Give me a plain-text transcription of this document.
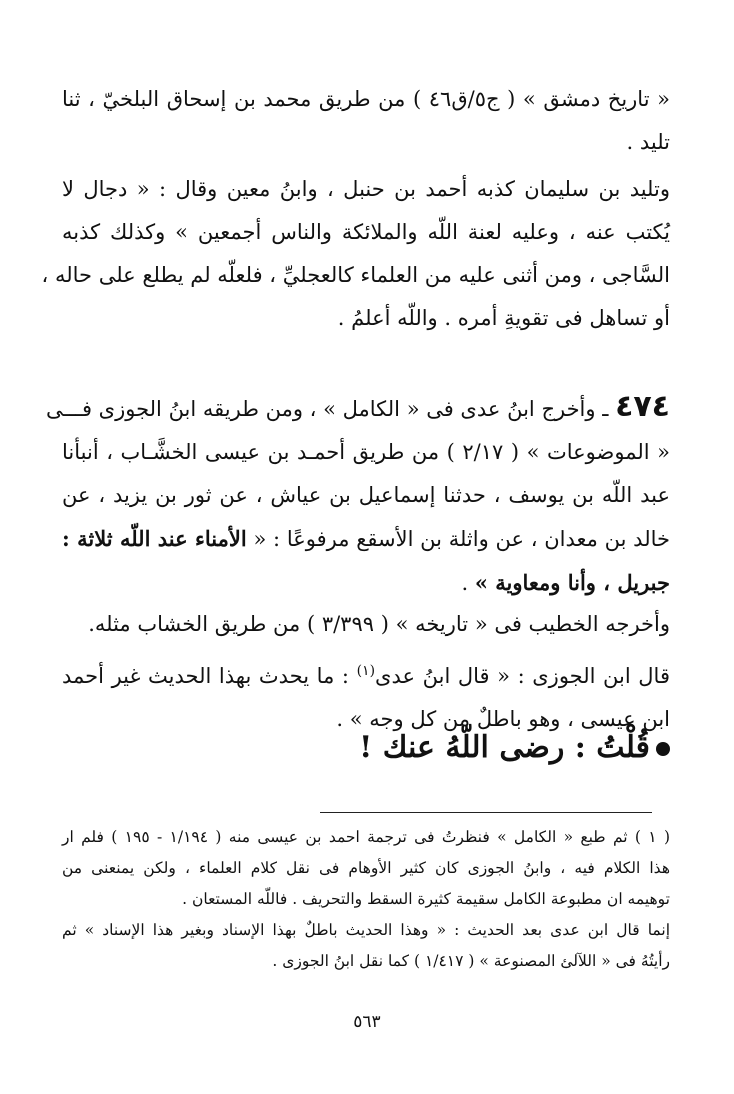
« تاريخ دمشق » ( ج٥/ق٤٦ ) من طريق محمد بن إسحاق البلخيّ ، ثنا
تليد .
وتليد بن سليمان كذبه أحمد بن حنبل ، وابنُ معين وقال : « دجال لا
يُكتب عنه ، وعليه لعنة اللّه والملائكة والناس أجمعين » وكذلك كذبه
السَّاجى ، ومن أثنى عليه من العلماء كالعجليِّ ، فلعلّه لم يطلع على حاله ،
أو تساهل فى تقويةِ أمره . واللّه أعلمُ .
٤٧٤ ـ وأخرج ابنُ عدى فى « الكامل » ، ومن طريقه ابنُ الجوزى فـــى
« الموضوعات » ( ٢/١٧ ) من طريق أحمـد بن عيسى الخشَّـاب ، أنبأنا
عبد اللّه بن يوسف ، حدثنا إسماعيل بن عياش ، عن ثور بن يزيد ، عن
خالد بن معدان ، عن واثلة بن الأسقع مرفوعًا : « الأمناء عند اللّه ثلاثة :
جبريل ، وأنا ومعاوية » .
وأخرجه الخطيب فى « تاريخه » ( ٣/٣٩٩ ) من طريق الخشاب مثله.
قال ابن الجوزى : « قال ابنُ عدى$^{(١)}$ : ما يحدث بهذا الحديث غير أحمد
ابن عيسى ، وهو باطلٌ من كل وجه » .
قُلْتُ : رضى اللّهُ عنك !
( ١ ) ثم طبع « الكامل » فنظرتُ فى ترجمة احمد بن عيسى منه ( ١/١٩٤ - ١٩٥ ) فلم ار
هذا الكلام فيه ، وابنُ الجوزى كان كثير الأوهام فى نقل كلام العلماء ، ولكن يمنعنى من
توهيمه ان مطبوعة الكامل سقيمة كثيرة السقط والتحريف . فاللّه المستعان .
إنما قال ابن عدى بعد الحديث : « وهذا الحديث باطلٌ بهذا الإسناد وبغير هذا الإسناد » ثم
رأيتُهُ فى « اللآلئ المصنوعة » ( ١/٤١٧ ) كما نقل ابنُ الجوزى .
٥٦٣
